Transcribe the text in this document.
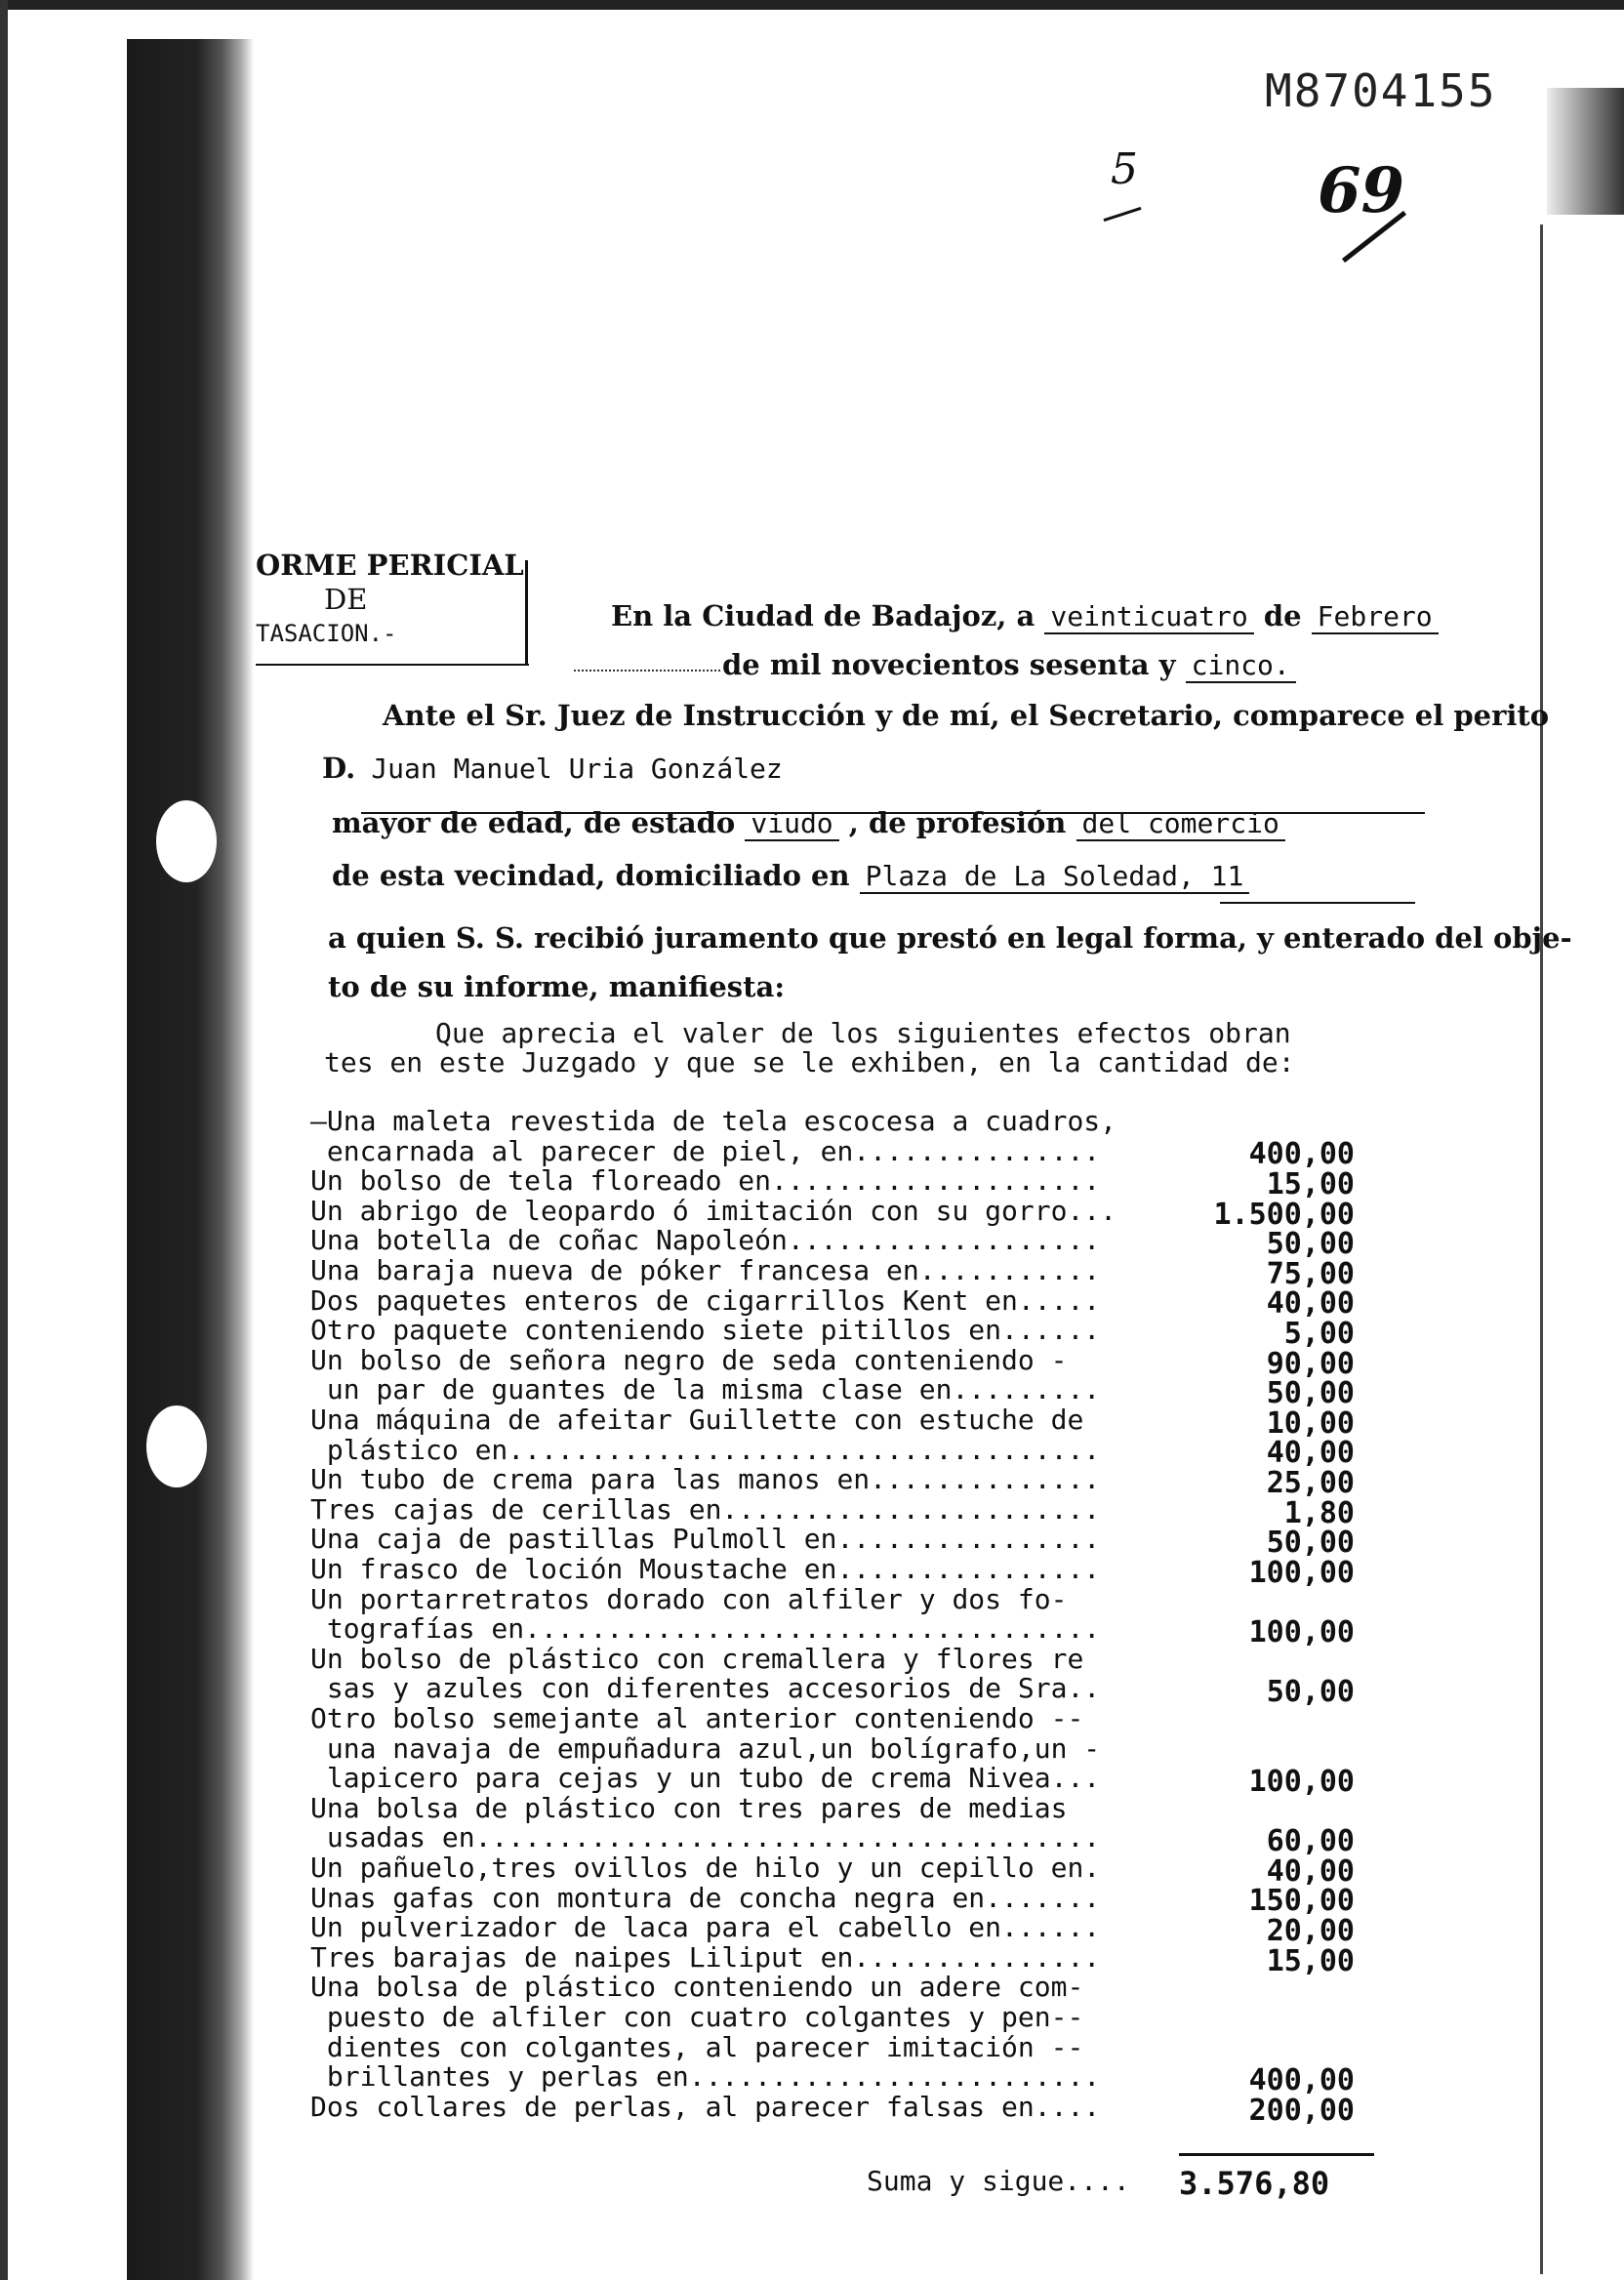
M8704155
5	69
ORME PERICIAL
DE
TASACION.-
En la Ciudad de Badajoz, a veinticuatro de Febrero
de mil novecientos sesenta y cinco.
Ante el Sr. Juez de Instrucción y de mí, el Secretario, comparece el perito
D. Juan Manuel Uria González
mayor de edad, de estado viudo , de profesión del comercio
de esta vecindad, domiciliado en Plaza de La Soledad, 11
a quien S. S. recibió juramento que prestó en legal forma, y enterado del obje-
to de su informe, manifiesta:
Que aprecia el valer de los siguientes efectos obran
tes en este Juzgado y que se le exhiben, en la cantidad de:
—Una maleta revestida de tela escocesa a cuadros,
encarnada al parecer de piel, en...............
Un bolso de tela floreado en....................
Un abrigo de leopardo ó imitación con su gorro...
Una botella de coñac Napoleón...................
Una baraja nueva de póker francesa en...........
Dos paquetes enteros de cigarrillos Kent en.....
Otro paquete conteniendo siete pitillos en......
Un bolso de señora negro de seda conteniendo -
un par de guantes de la misma clase en.........
Una máquina de afeitar Guillette con estuche de
plástico en....................................
Un tubo de crema para las manos en..............
Tres cajas de cerillas en.......................
Una caja de pastillas Pulmoll en................
Un frasco de loción Moustache en................
Un portarretratos dorado con alfiler y dos fo-
tografías en...................................
Un bolso de plástico con cremallera y flores re
sas y azules con diferentes accesorios de Sra..
Otro bolso semejante al anterior conteniendo --
una navaja de empuñadura azul,un bolígrafo,un -
lapicero para cejas y un tubo de crema Nivea...
Una bolsa de plástico con tres pares de medias
usadas en......................................
Un pañuelo,tres ovillos de hilo y un cepillo en.
Unas gafas con montura de concha negra en.......
Un pulverizador de laca para el cabello en......
Tres barajas de naipes Liliput en...............
Una bolsa de plástico conteniendo un adere com-
puesto de alfiler con cuatro colgantes y pen--
dientes con colgantes, al parecer imitación --
brillantes y perlas en.........................
Dos collares de perlas, al parecer falsas en....
400,00
15,00
1.500,00
50,00
75,00
40,00
5,00
90,00
50,00
10,00
40,00
25,00
1,80
50,00
100,00
100,00
50,00
100,00
60,00
40,00
150,00
20,00
15,00
400,00
200,00
Suma y sigue.... 3.576,80
